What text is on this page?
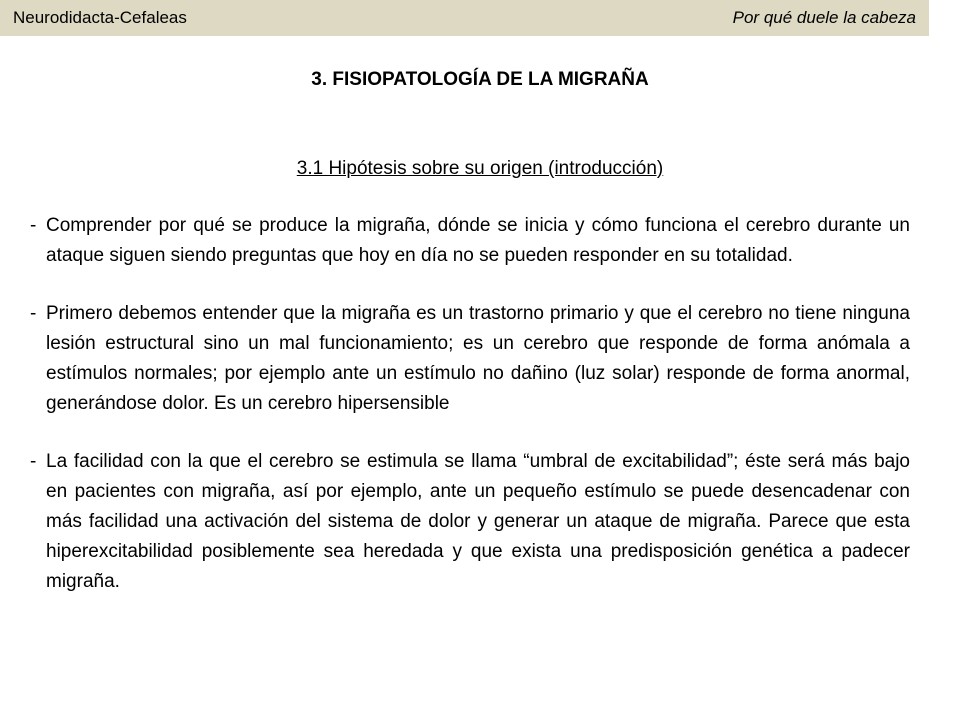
Neurodidacta-Cefaleas	Por qué duele la cabeza
3. FISIOPATOLOGÍA DE LA MIGRAÑA
3.1 Hipótesis sobre su origen (introducción)
- Comprender por qué se produce la migraña, dónde se inicia y cómo funciona el cerebro durante un ataque siguen siendo preguntas que hoy en día no se pueden responder en su totalidad.
- Primero debemos entender que la migraña es un trastorno primario y que el cerebro no tiene ninguna lesión estructural sino un mal funcionamiento; es un cerebro que responde de forma anómala a estímulos normales; por ejemplo ante un estímulo no dañino (luz solar) responde de forma anormal, generándose dolor. Es un cerebro hipersensible
- La facilidad con la que el cerebro se estimula se llama “umbral de excitabilidad”; éste será más bajo en pacientes con migraña, así por ejemplo, ante un pequeño estímulo se puede desencadenar con más facilidad una activación del sistema de dolor y generar un ataque de migraña. Parece que esta hiperexcitabilidad posiblemente sea heredada y que exista una predisposición genética a padecer migraña.
